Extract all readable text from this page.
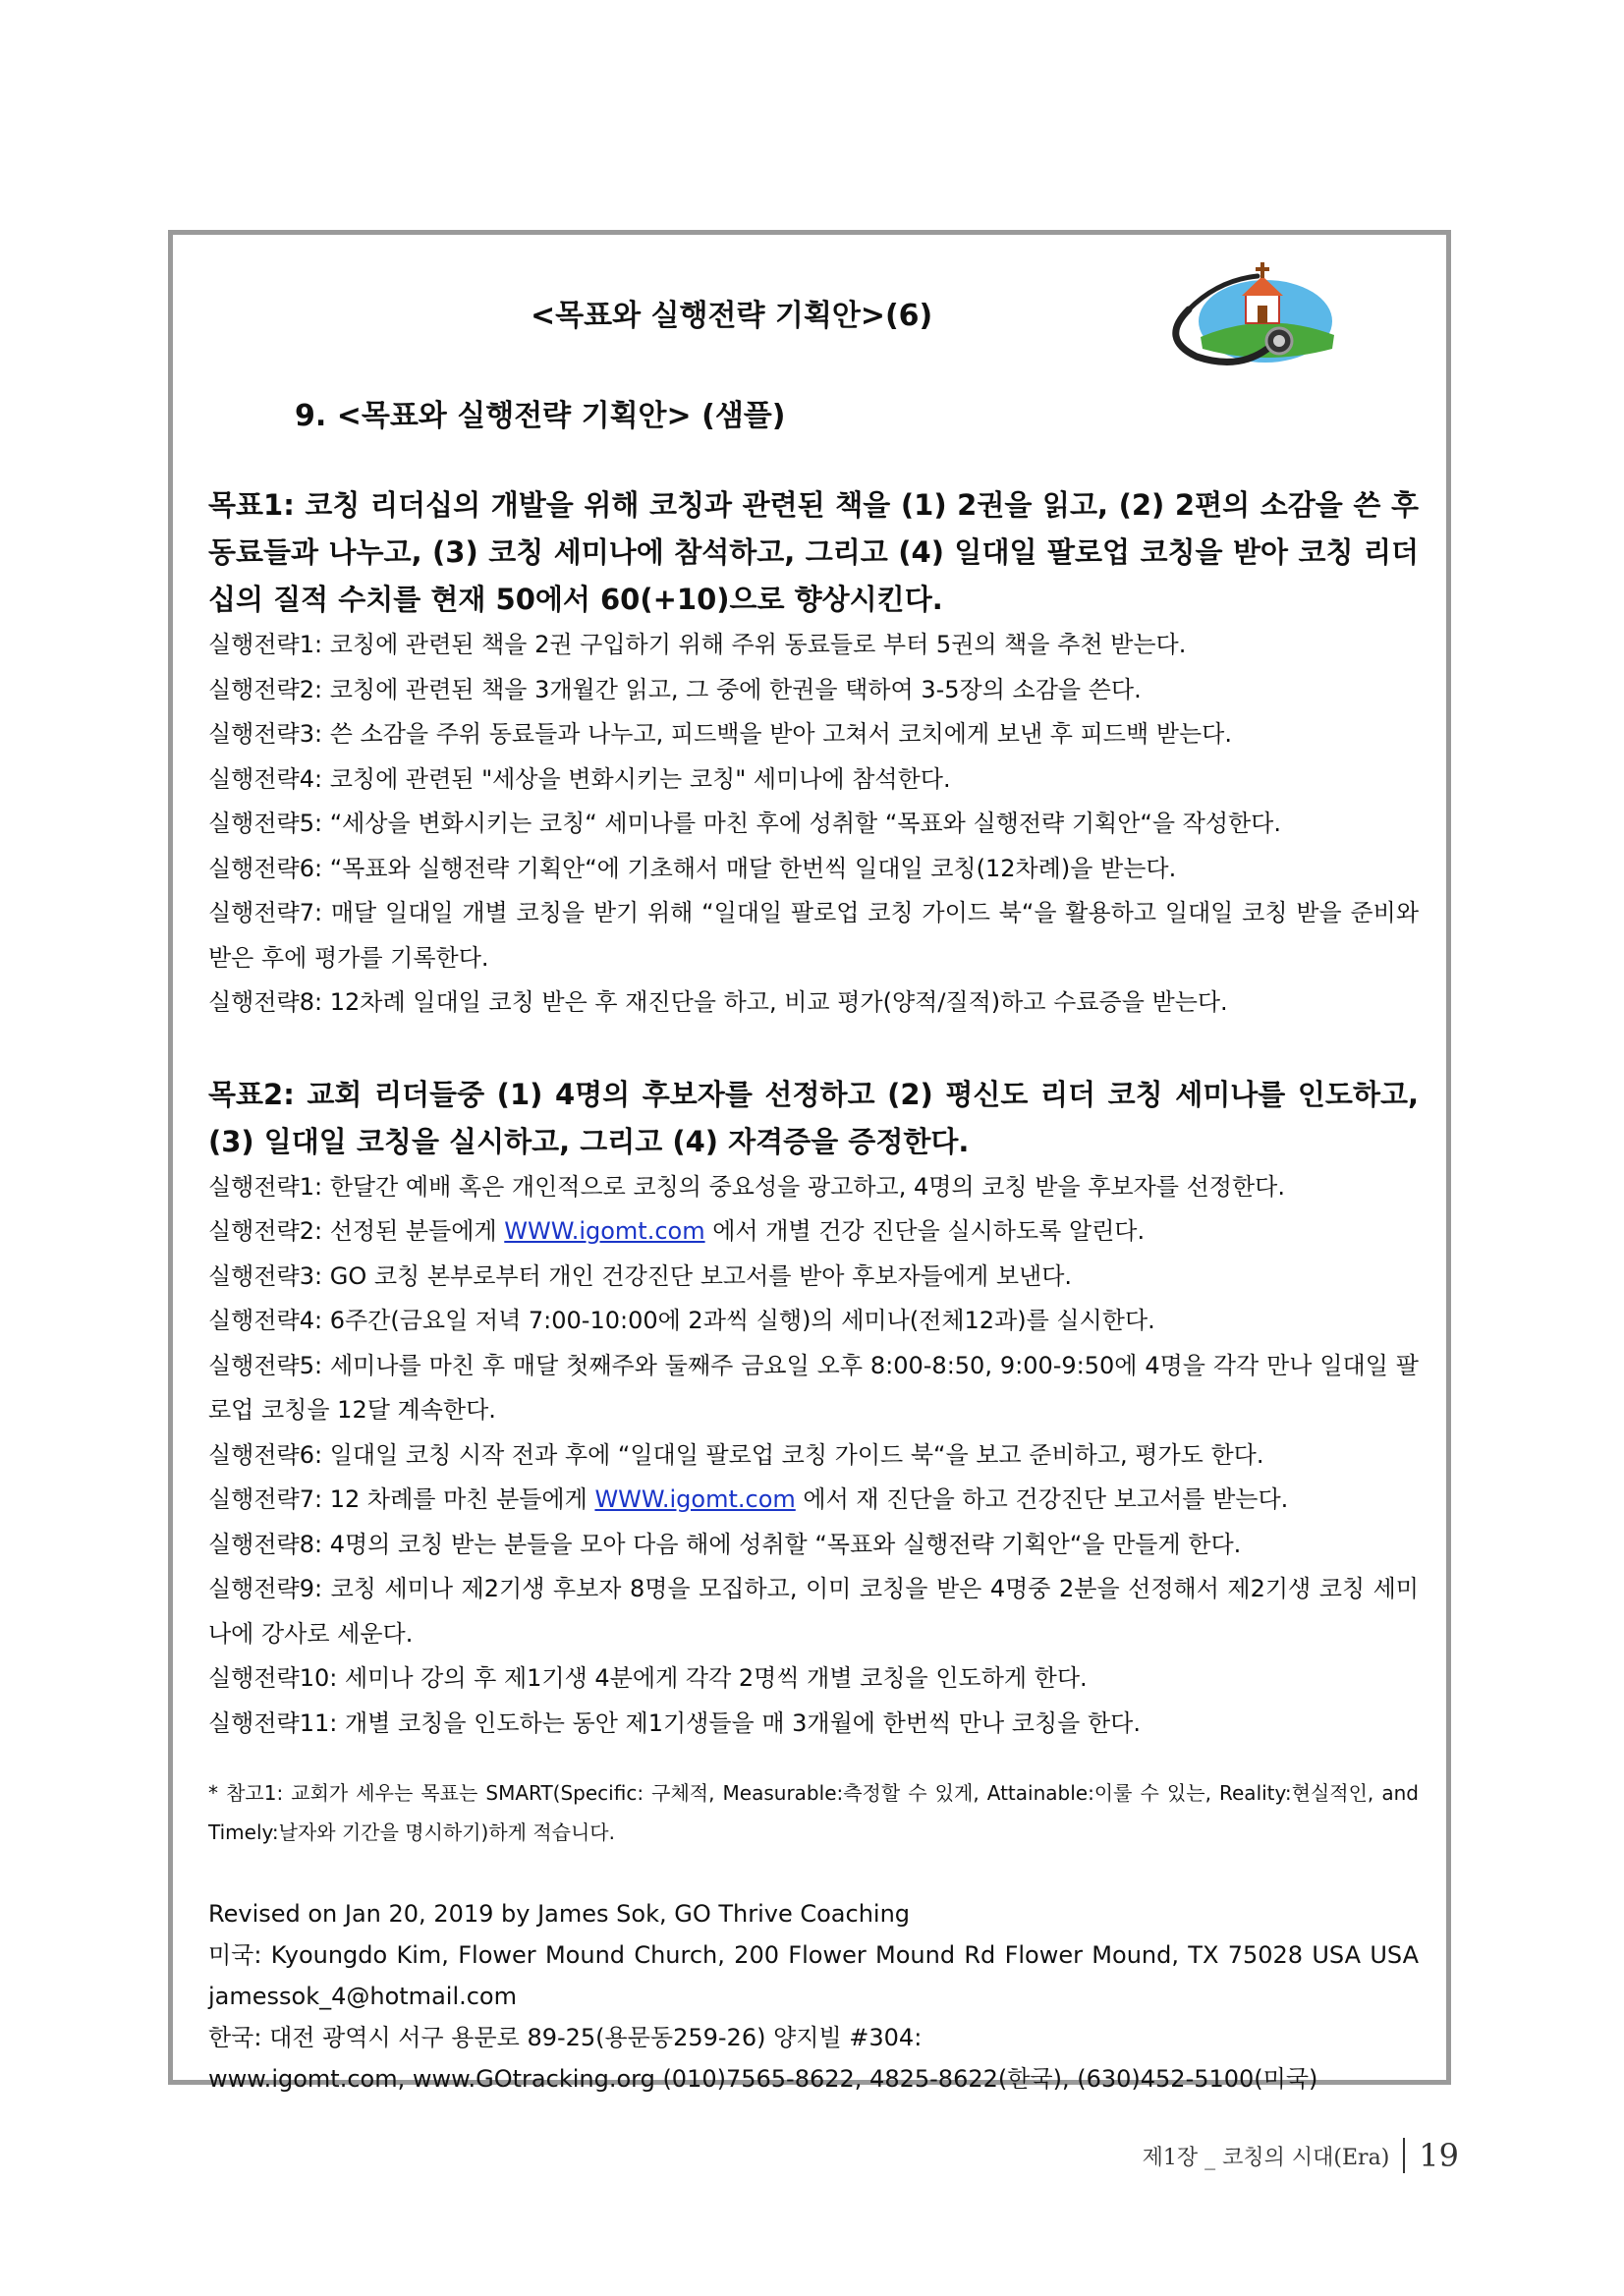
<목표와 실행전략 기획안>(6)
9. <목표와 실행전략 기획안> (샘플)
목표1: 코칭 리더십의 개발을 위해 코칭과 관련된 책을 (1) 2권을 읽고, (2) 2편의 소감을 쓴 후 동료들과 나누고, (3) 코칭 세미나에 참석하고, 그리고 (4) 일대일 팔로업 코칭을 받아 코칭 리더십의 질적 수치를 현재 50에서 60(+10)으로 향상시킨다.
실행전략1: 코칭에 관련된 책을 2권 구입하기 위해 주위 동료들로 부터 5권의 책을 추천 받는다.
실행전략2: 코칭에 관련된 책을 3개월간 읽고, 그 중에 한권을 택하여 3-5장의 소감을 쓴다.
실행전략3: 쓴 소감을 주위 동료들과 나누고, 피드백을 받아 고쳐서 코치에게 보낸 후 피드백 받는다.
실행전략4: 코칭에 관련된 "세상을 변화시키는 코칭" 세미나에 참석한다.
실행전략5: “세상을 변화시키는 코칭“ 세미나를 마친 후에 성취할 “목표와 실행전략 기획안“을 작성한다.
실행전략6: “목표와 실행전략 기획안“에 기초해서 매달 한번씩 일대일 코칭(12차례)을 받는다.
실행전략7: 매달 일대일 개별 코칭을 받기 위해 “일대일 팔로업 코칭 가이드 북“을 활용하고 일대일 코칭 받을 준비와 받은 후에 평가를 기록한다.
실행전략8: 12차례 일대일 코칭 받은 후 재진단을 하고, 비교 평가(양적/질적)하고 수료증을 받는다.
목표2: 교회 리더들중 (1) 4명의 후보자를 선정하고 (2) 평신도 리더 코칭 세미나를 인도하고, (3) 일대일 코칭을 실시하고, 그리고 (4) 자격증을 증정한다.
실행전략1: 한달간 예배 혹은 개인적으로 코칭의 중요성을 광고하고, 4명의 코칭 받을 후보자를 선정한다.
실행전략2: 선정된 분들에게 WWW.igomt.com 에서 개별 건강 진단을 실시하도록 알린다.
실행전략3: GO 코칭 본부로부터 개인 건강진단 보고서를 받아 후보자들에게 보낸다.
실행전략4: 6주간(금요일 저녁 7:00-10:00에 2과씩 실행)의 세미나(전체12과)를 실시한다.
실행전략5: 세미나를 마친 후 매달 첫째주와 둘째주 금요일 오후 8:00-8:50, 9:00-9:50에 4명을 각각 만나 일대일 팔로업 코칭을 12달 계속한다.
실행전략6: 일대일 코칭 시작 전과 후에 “일대일 팔로업 코칭 가이드 북“을 보고 준비하고, 평가도 한다.
실행전략7: 12 차례를 마친 분들에게 WWW.igomt.com 에서 재 진단을 하고 건강진단 보고서를 받는다.
실행전략8: 4명의 코칭 받는 분들을 모아 다음 해에 성취할 “목표와 실행전략 기획안“을 만들게 한다.
실행전략9: 코칭 세미나 제2기생 후보자 8명을 모집하고, 이미 코칭을 받은 4명중 2분을 선정해서 제2기생 코칭 세미나에 강사로 세운다.
실행전략10: 세미나 강의 후 제1기생 4분에게 각각 2명씩 개별 코칭을 인도하게 한다.
실행전략11: 개별 코칭을 인도하는 동안 제1기생들을 매 3개월에 한번씩 만나 코칭을 한다.
* 참고1: 교회가 세우는 목표는 SMART(Specific: 구체적, Measurable:측정할 수 있게, Attainable:이룰 수 있는, Reality:현실적인, and Timely:날자와 기간을 명시하기)하게 적습니다.
Revised on Jan 20, 2019 by James Sok, GO Thrive Coaching
미국: Kyoungdo Kim, Flower Mound Church, 200 Flower Mound Rd Flower Mound, TX 75028 USA USA
jamessok_4@hotmail.com
한국: 대전 광역시 서구 용문로 89-25(용문동259-26) 양지빌 #304:
www.igomt.com, www.GOtracking.org (010)7565-8622, 4825-8622(한국), (630)452-5100(미국)
제1장 _ 코칭의 시대(Era) 19
